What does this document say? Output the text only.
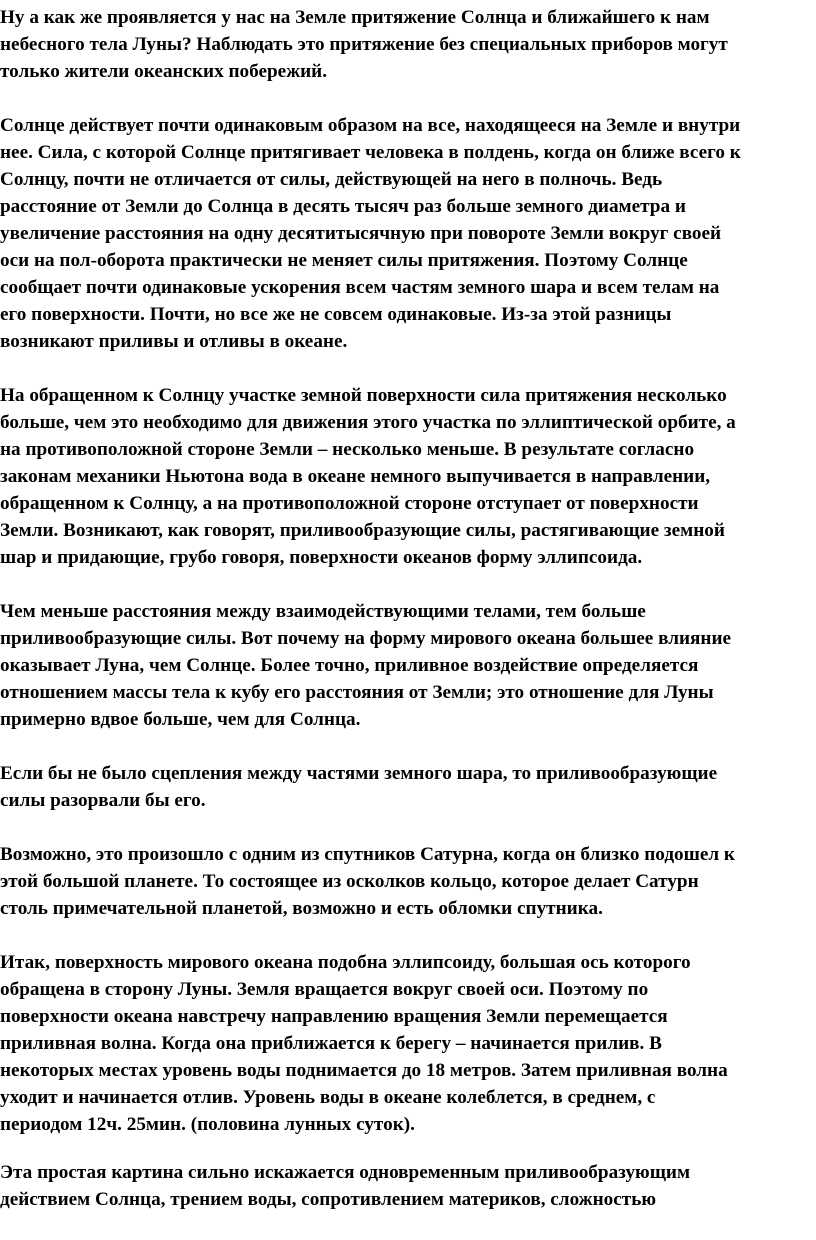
Ну а как же проявляется у нас на Земле притяжение Солнца и ближайшего к нам
небесного тела Луны? Наблюдать это притяжение без специальных приборов могут
только жители океанских побережий.

Солнце действует почти одинаковым образом на все, находящееся на Земле и внутри
нее. Сила, с которой Солнце притягивает человека в полдень, когда он ближе всего к
Солнцу, почти не отличается от силы, действующей на него в полночь. Ведь
расстояние от Земли до Солнца в десять тысяч раз больше земного диаметра и
увеличение расстояния на одну десятитысячную при повороте Земли вокруг своей
оси на пол-оборота практически не меняет силы притяжения. Поэтому Солнце
сообщает почти одинаковые ускорения всем частям земного шара и всем телам на
его поверхности. Почти, но все же не совсем одинаковые. Из-за этой разницы
возникают приливы и отливы в океане.

На обращенном к Солнцу участке земной поверхности сила притяжения несколько
больше, чем это необходимо для движения этого участка по эллиптической орбите, а
на противоположной стороне Земли – несколько меньше. В результате согласно
законам механики Ньютона вода в океане немного выпучивается в направлении,
обращенном к Солнцу, а на противоположной стороне отступает от поверхности
Земли. Возникают, как говорят, приливообразующие силы, растягивающие земной
шар и придающие, грубо говоря, поверхности океанов форму эллипсоида.

Чем меньше расстояния между взаимодействующими телами, тем больше
приливообразующие силы. Вот почему на форму мирового океана большее влияние
оказывает Луна, чем Солнце. Более точно, приливное воздействие определяется
отношением массы тела к кубу его расстояния от Земли; это отношение для Луны
примерно вдвое больше, чем для Солнца.

Если бы не было сцепления между частями земного шара, то приливообразующие
силы разорвали бы его.

Возможно, это произошло с одним из спутников Сатурна, когда он близко подошел к
этой большой планете. То состоящее из осколков кольцо, которое делает Сатурн
столь примечательной планетой, возможно и есть обломки спутника.

Итак, поверхность мирового океана подобна эллипсоиду, большая ось которого
обращена в сторону Луны. Земля вращается вокруг своей оси. Поэтому по
поверхности океана навстречу направлению вращения Земли перемещается
приливная волна. Когда она приближается к берегу – начинается прилив. В
некоторых местах уровень воды поднимается до 18 метров. Затем приливная волна
уходит и начинается отлив. Уровень воды в океане колеблется, в среднем, с
периодом 12ч. 25мин. (половина лунных суток).

Эта простая картина сильно искажается одновременным приливообразующим
действием Солнца, трением воды, сопротивлением материков, сложностью
